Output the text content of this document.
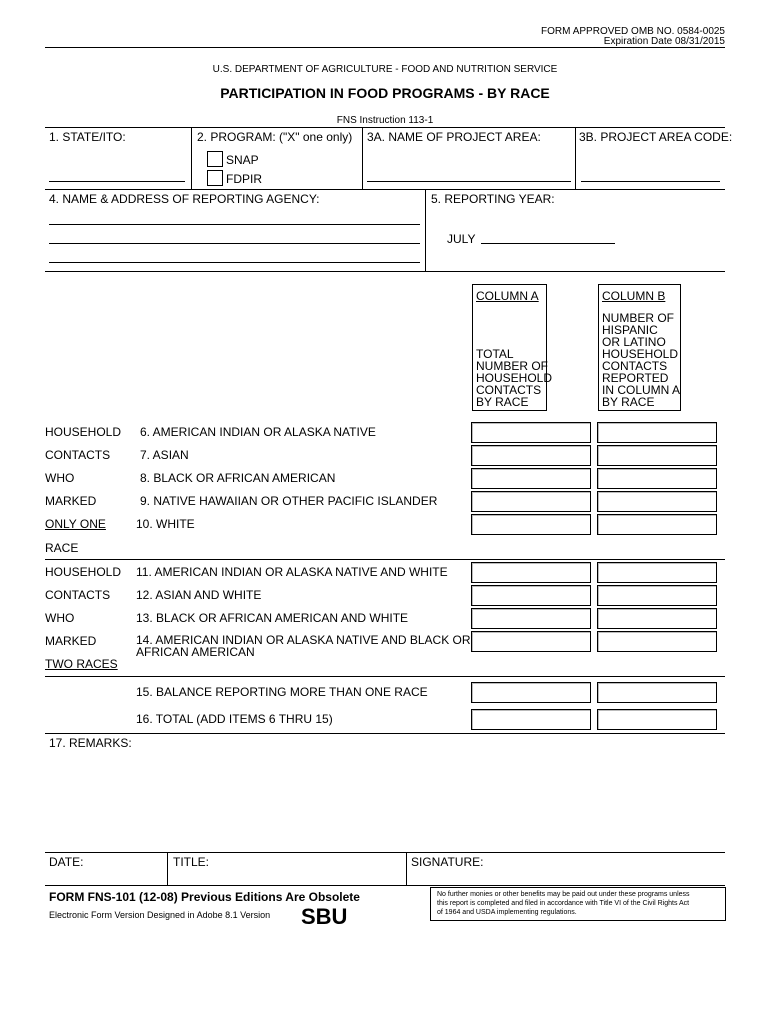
FORM APPROVED OMB NO. 0584-0025
Expiration Date 08/31/2015
U.S. DEPARTMENT OF AGRICULTURE - FOOD AND NUTRITION SERVICE
PARTICIPATION IN FOOD PROGRAMS - BY RACE
FNS Instruction 113-1
1. STATE/ITO:	2. PROGRAM: ("X" one only) 3A. NAME OF PROJECT AREA:	3B. PROJECT AREA CODE:
SNAP
FDPIR
4. NAME & ADDRESS OF REPORTING AGENCY:	5. REPORTING YEAR:
JULY
COLUMN A
TOTAL
NUMBER OF
HOUSEHOLD
CONTACTS
BY RACE
COLUMN B
NUMBER OF
HISPANIC
OR LATINO
HOUSEHOLD
CONTACTS
REPORTED
IN COLUMN A
BY RACE
HOUSEHOLD
CONTACTS
WHO
MARKED
ONLY ONE
RACE
6. AMERICAN INDIAN OR ALASKA NATIVE
7. ASIAN
8. BLACK OR AFRICAN AMERICAN
9. NATIVE HAWAIIAN OR OTHER PACIFIC ISLANDER
10. WHITE
HOUSEHOLD
CONTACTS
WHO
MARKED
TWO RACES
11. AMERICAN INDIAN OR ALASKA NATIVE AND WHITE
12. ASIAN AND WHITE
13. BLACK OR AFRICAN AMERICAN AND WHITE
14. AMERICAN INDIAN OR ALASKA NATIVE AND BLACK OR
AFRICAN AMERICAN
15. BALANCE REPORTING MORE THAN ONE RACE
16. TOTAL (ADD ITEMS 6 THRU 15)
17. REMARKS:
DATE:	TITLE:	SIGNATURE:
FORM FNS-101 (12-08) Previous Editions Are Obsolete
Electronic Form Version Designed in Adobe 8.1 Version SBU
No further monies or other benefits may be paid out under these programs unless
this report is completed and filed in accordance with Title VI of the Civil Rights Act
of 1964 and USDA implementing regulations.
